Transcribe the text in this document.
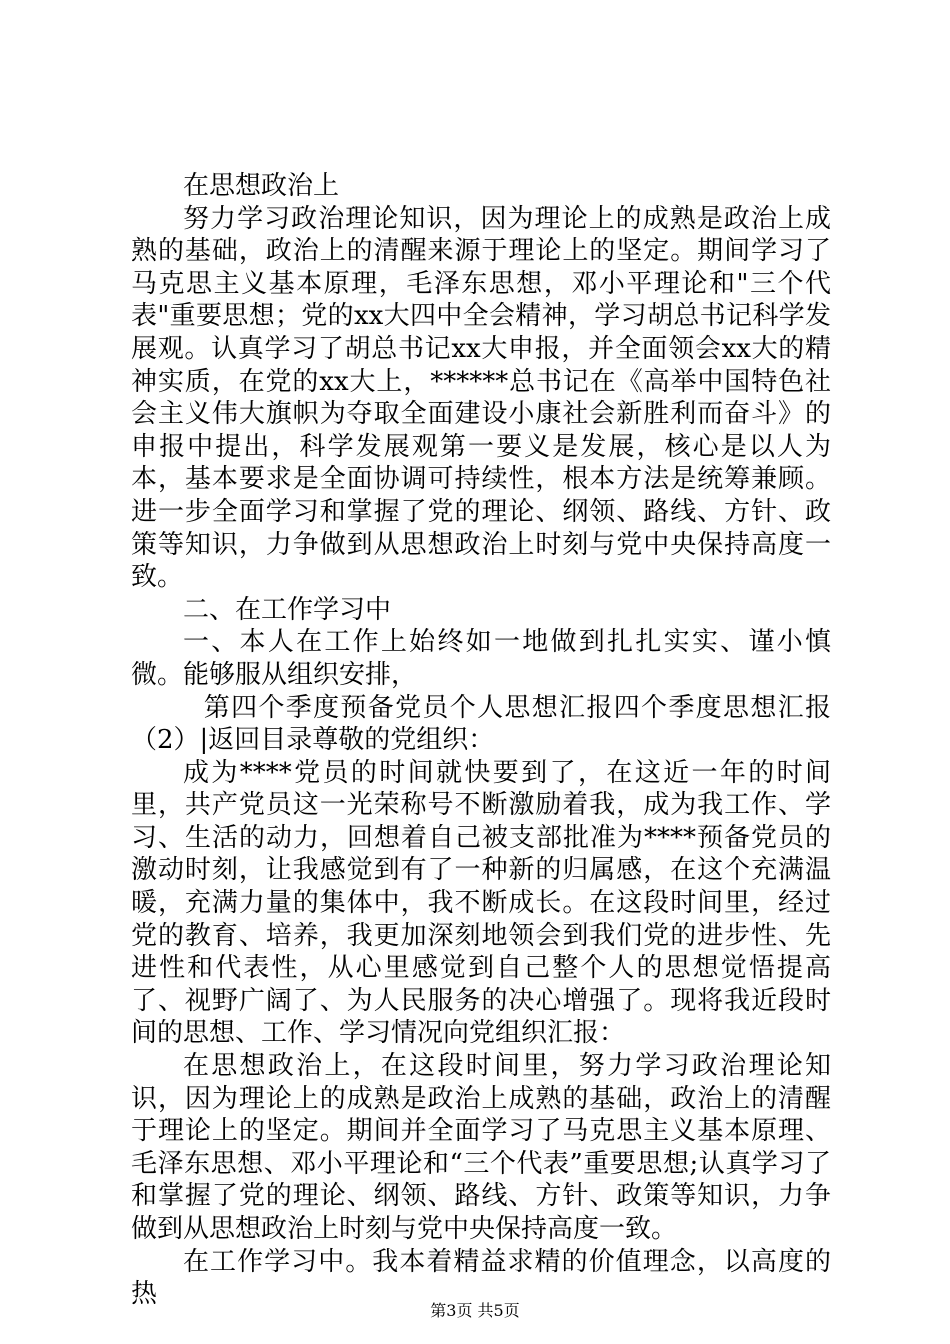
在思想政治上

努力学习政治理论知识，因为理论上的成熟是政治上成熟的基础，政治上的清醒来源于理论上的坚定。期间学习了马克思主义基本原理，毛泽东思想，邓小平理论和"三个代表"重要思想；党的xx大四中全会精神，学习胡总书记科学发展观。认真学习了胡总书记xx大申报，并全面领会xx大的精神实质，在党的xx大上，******总书记在《高举中国特色社会主义伟大旗帜为夺取全面建设小康社会新胜利而奋斗》的申报中提出，科学发展观第一要义是发展，核心是以人为本，基本要求是全面协调可持续性，根本方法是统筹兼顾。进一步全面学习和掌握了党的理论、纲领、路线、方针、政策等知识，力争做到从思想政治上时刻与党中央保持高度一致。

二、在工作学习中

一、本人在工作上始终如一地做到扎扎实实、谨小慎微。能够服从组织安排，

第四个季度预备党员个人思想汇报四个季度思想汇报（2）|返回目录尊敬的党组织：

成为****党员的时间就快要到了，在这近一年的时间里，共产党员这一光荣称号不断激励着我，成为我工作、学习、生活的动力，回想着自己被支部批准为****预备党员的激动时刻，让我感觉到有了一种新的归属感，在这个充满温暖，充满力量的集体中，我不断成长。在这段时间里，经过党的教育、培养，我更加深刻地领会到我们党的进步性、先进性和代表性，从心里感觉到自己整个人的思想觉悟提高了、视野广阔了、为人民服务的决心增强了。现将我近段时间的思想、工作、学习情况向党组织汇报：

在思想政治上，在这段时间里，努力学习政治理论知识，因为理论上的成熟是政治上成熟的基础，政治上的清醒于理论上的坚定。期间并全面学习了马克思主义基本原理、毛泽东思想、邓小平理论和“三个代表”重要思想;认真学习了和掌握了党的理论、纲领、路线、方针、政策等知识，力争做到从思想政治上时刻与党中央保持高度一致。

在工作学习中。我本着精益求精的价值理念，以高度的热

第3页 共5页
